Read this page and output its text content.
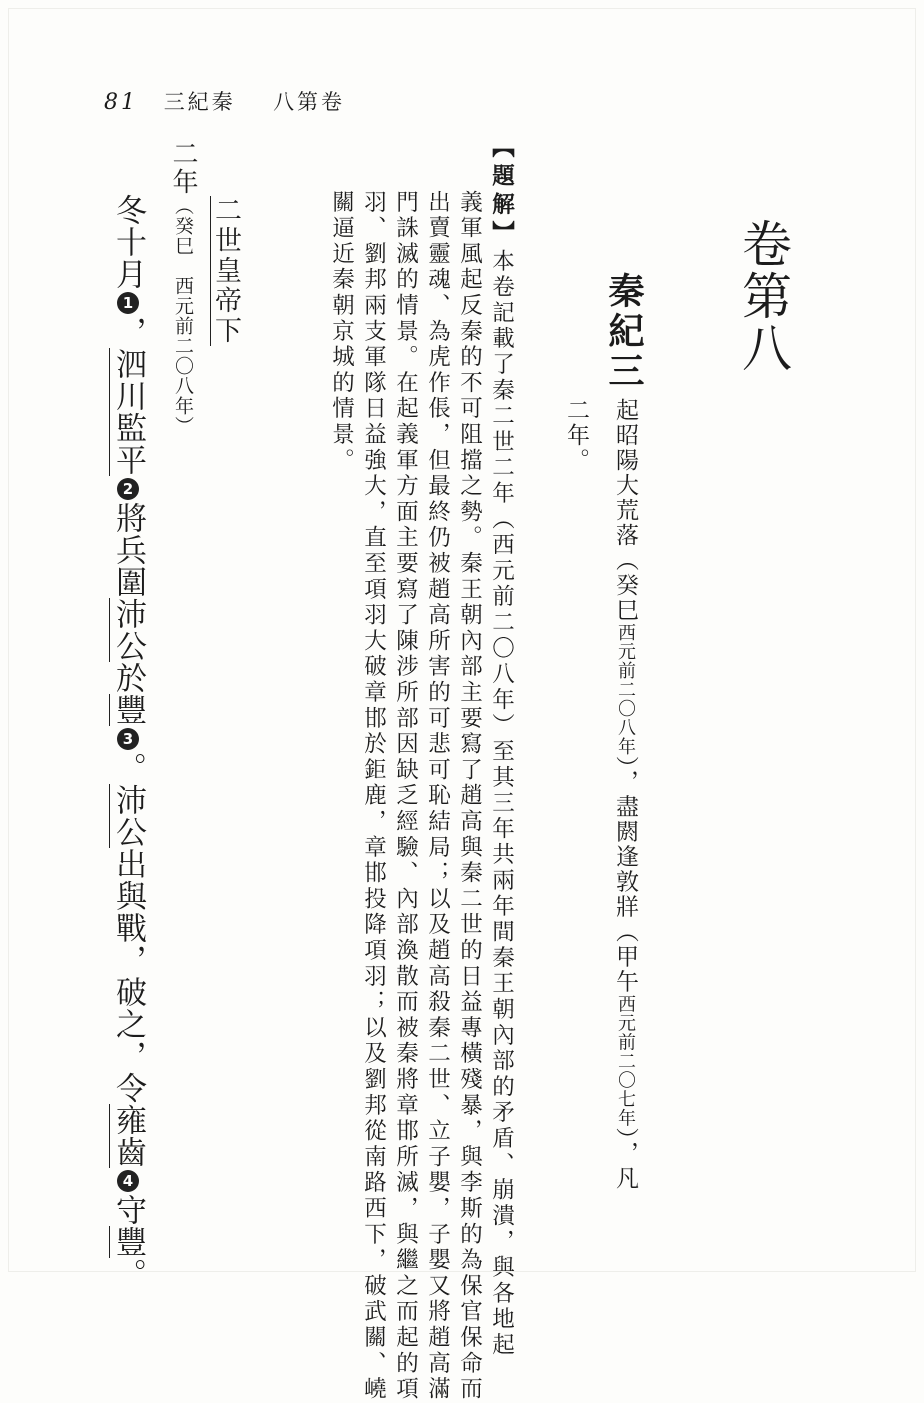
81 三紀秦 八第卷
卷第八
秦紀三
起昭陽大荒落（癸巳西元前二〇八年），盡閼逢敦牂（甲午西元前二〇七年），凡
二年。
【題解】本卷記載了秦二世二年（西元前二〇八年）至其三年共兩年間秦王朝內部的矛盾、崩潰，與各地起
義軍風起反秦的不可阻擋之勢。秦王朝內部主要寫了趙高與秦二世的日益專橫殘暴，與李斯的為保官保命而
出賣靈魂、為虎作倀，但最終仍被趙高所害的可悲可恥結局；以及趙高殺秦二世、立子嬰，子嬰又將趙高滿
門誅滅的情景。在起義軍方面主要寫了陳涉所部因缺乏經驗、內部渙散而被秦將章邯所滅，與繼之而起的項
羽、劉邦兩支軍隊日益強大，直至項羽大破章邯於鉅鹿，章邯投降項羽；以及劉邦從南路西下，破武關、嶢
關逼近秦朝京城的情景。
二世皇帝下
二年（癸巳　西元前二〇八年）
冬十月1，泗川監平2將兵圍沛公於豐3。沛公出與戰，破之，令雍齒4守豐。
